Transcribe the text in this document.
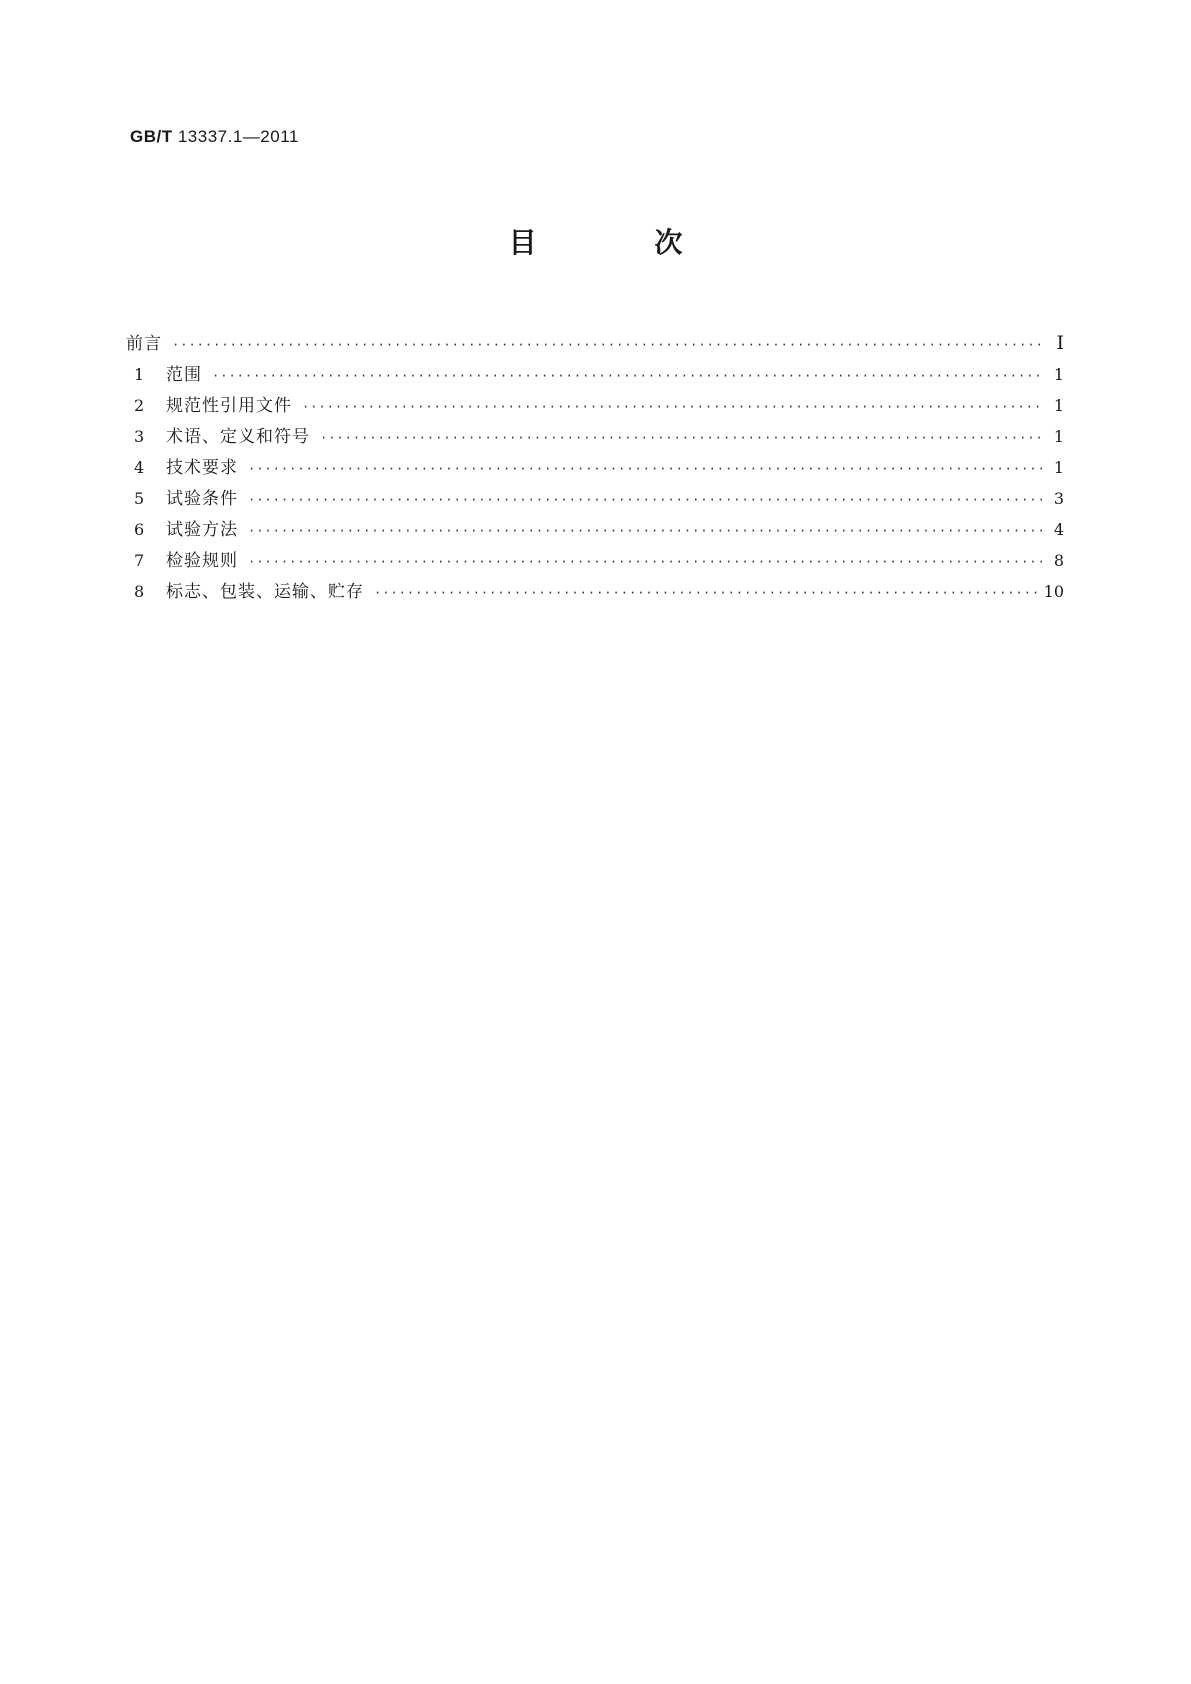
GB/T 13337.1—2011
目 次
前言 ·····	Ⅰ
1	范围 ·····	1
2	规范性引用文件 ·····	1
3	术语、定义和符号 ·····	1
4	技术要求 ·····	1
5	试验条件 ·····	3
6	试验方法 ·····	4
7	检验规则 ·····	8
8	标志、包装、运输、贮存 ·····	10
